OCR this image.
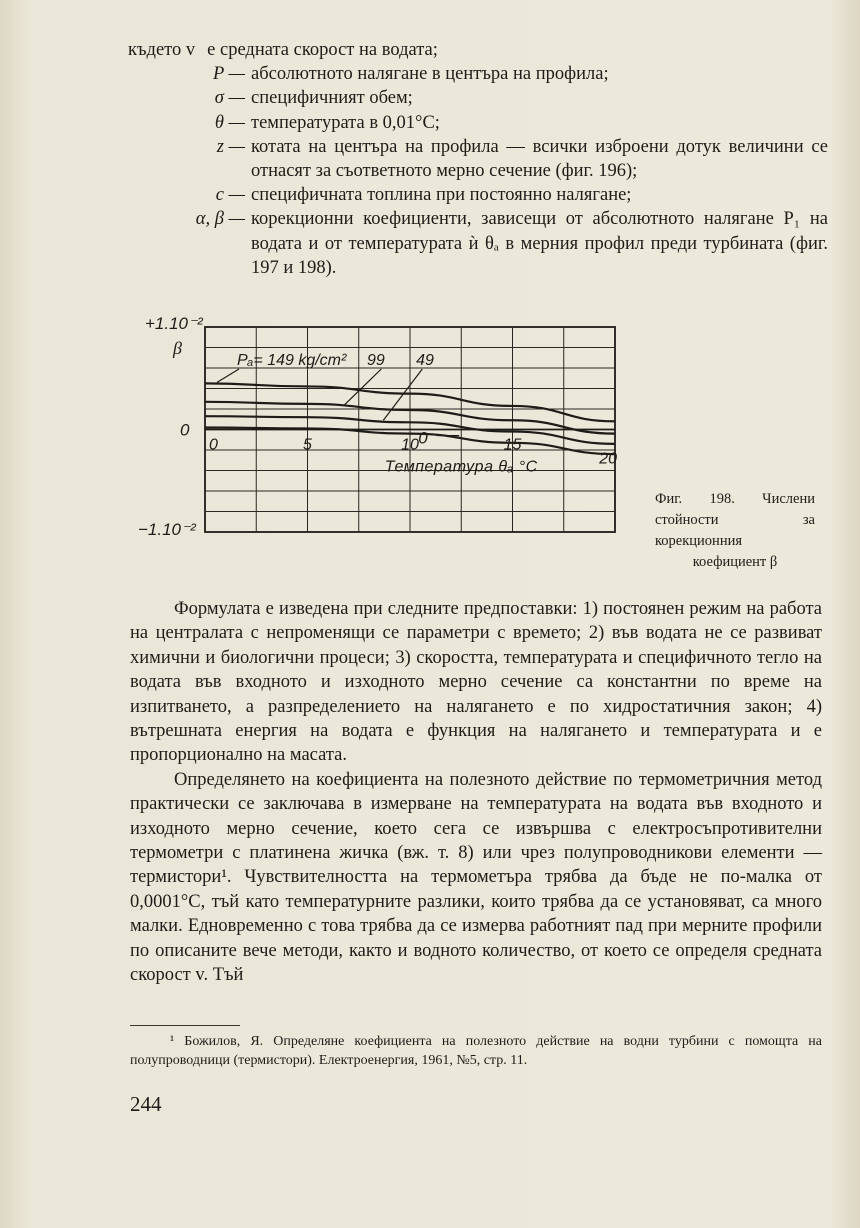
където v е средната скорост на водата;
P — абсолютното налягане в центъра на профила;
σ — специфичният обем;
θ — температурата в 0,01°C;
z — котата на центъра на профила — всички изброени дотук величини се отнасят за съответното мерно сечение (фиг. 196);
c — специфичната топлина при постоянно налягане;
α, β — корекционни коефициенти, зависещи от абсолютното налягане P₁ на водата и от температурата ѝ θₐ в мерния профил преди турбината (фиг. 197 и 198).
+1.10⁻²
β
0
−1.10⁻²
0	5	10	15
20
Температура θₐ °C
Pₐ= 149 kg/cm² 99 49
0
Фиг. 198. Числени стойности за корекционния коефициент β

Формулата е изведена при следните предпоставки: 1) постоянен режим на работа на централата с непроменящи се параметри с времето; 2) във водата не се развиват химични и биологични процеси; 3) скоростта, температурата и специфичното тегло на водата във входното и изходното мерно сечение са константни по време на изпитването, а разпределението на налягането е по хидростатичния закон; 4) вътрешната енергия на водата е функция на налягането и температурата и е пропорционално на масата.

Определянето на коефициента на полезното действие по термометричния метод практически се заключава в измерване на температурата на водата във входното и изходното мерно сечение, което сега се извършва с електросъпротивителни термометри с платинена жичка (вж. т. 8) или чрез полупроводникови елементи — термистори¹. Чувствителността на термометъра трябва да бъде не по-малка от 0,0001°C, тъй като температурните разлики, които трябва да се установяват, са много малки. Едновременно с това трябва да се измерва работният пад при мерните профили по описаните вече методи, както и водното количество, от което се определя средната скорост v. Тъй

¹ Божилов, Я. Определяне коефициента на полезното действие на водни турбини с помощта на полупроводници (термистори). Електроенергия, 1961, №5, стр. 11.

244
